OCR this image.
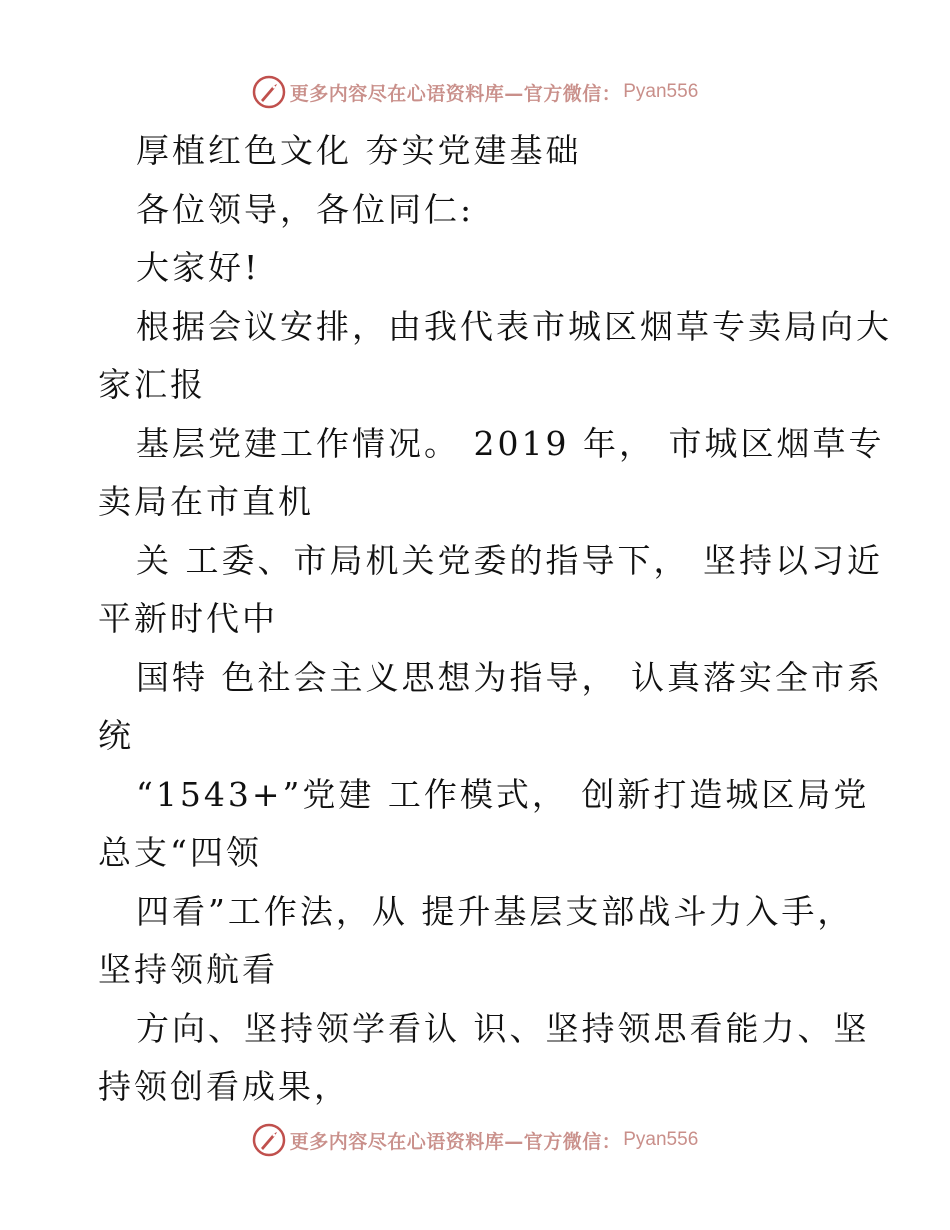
更多内容尽在心语资料库—官方微信： Pyan556

厚植红色文化 夯实党建基础

各位领导，各位同仁:

大家好!

根据会议安排，由我代表市城区烟草专卖局向大

家汇报

基层党建工作情况。 2019 年， 市城区烟草专

卖局在市直机

关 工委、市局机关党委的指导下， 坚持以习近

平新时代中

国特 色社会主义思想为指导， 认真落实全市系

统

“1543+”党建 工作模式， 创新打造城区局党

总支“四领

四看”工作法，从 提升基层支部战斗力入手，

坚持领航看

方向、坚持领学看认 识、坚持领思看能力、坚

持领创看成果，

更多内容尽在心语资料库—官方微信： Pyan556
